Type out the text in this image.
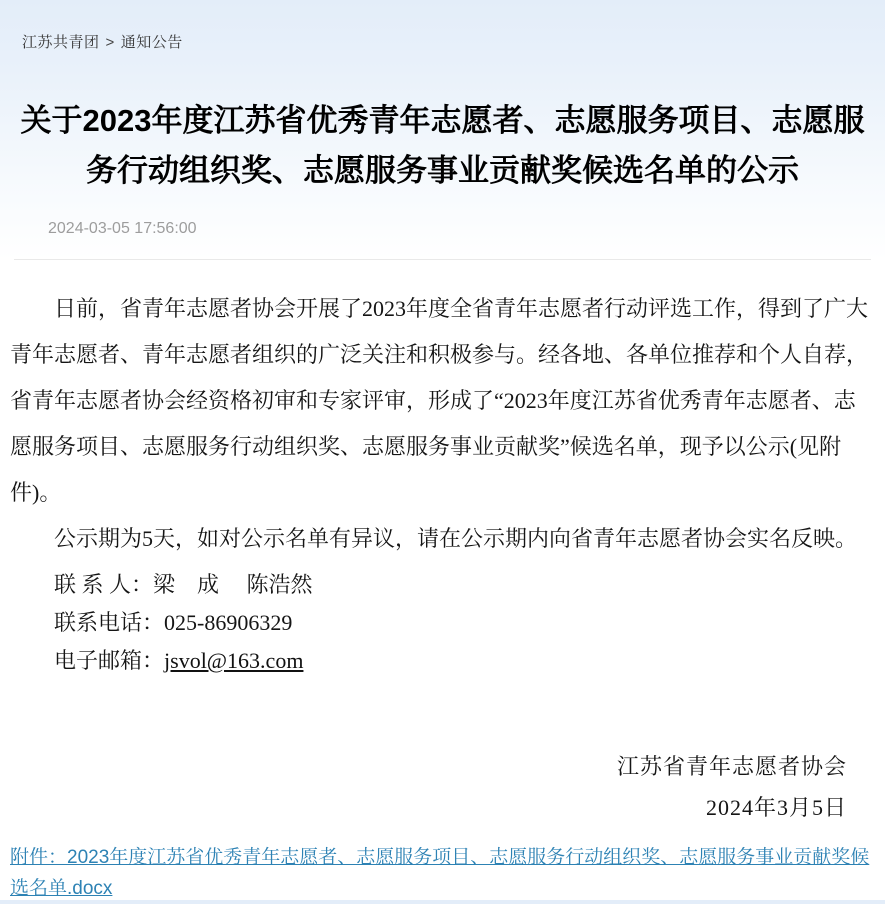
江苏共青团 > 通知公告
关于2023年度江苏省优秀青年志愿者、志愿服务项目、志愿服务行动组织奖、志愿服务事业贡献奖候选名单的公示
2024-03-05 17:56:00

日前，省青年志愿者协会开展了2023年度全省青年志愿者行动评选工作，得到了广大青年志愿者、青年志愿者组织的广泛关注和积极参与。经各地、各单位推荐和个人自荐，省青年志愿者协会经资格初审和专家评审，形成了“2023年度江苏省优秀青年志愿者、志愿服务项目、志愿服务行动组织奖、志愿服务事业贡献奖”候选名单，现予以公示(见附件)。

公示期为5天，如对公示名单有异议，请在公示期内向省青年志愿者协会实名反映。

联 系 人：梁　成　 陈浩然
联系电话：025-86906329
电子邮箱：jsvol@163.com
江苏省青年志愿者协会
2024年3月5日
附件：2023年度江苏省优秀青年志愿者、志愿服务项目、志愿服务行动组织奖、志愿服务事业贡献奖候选名单.docx
